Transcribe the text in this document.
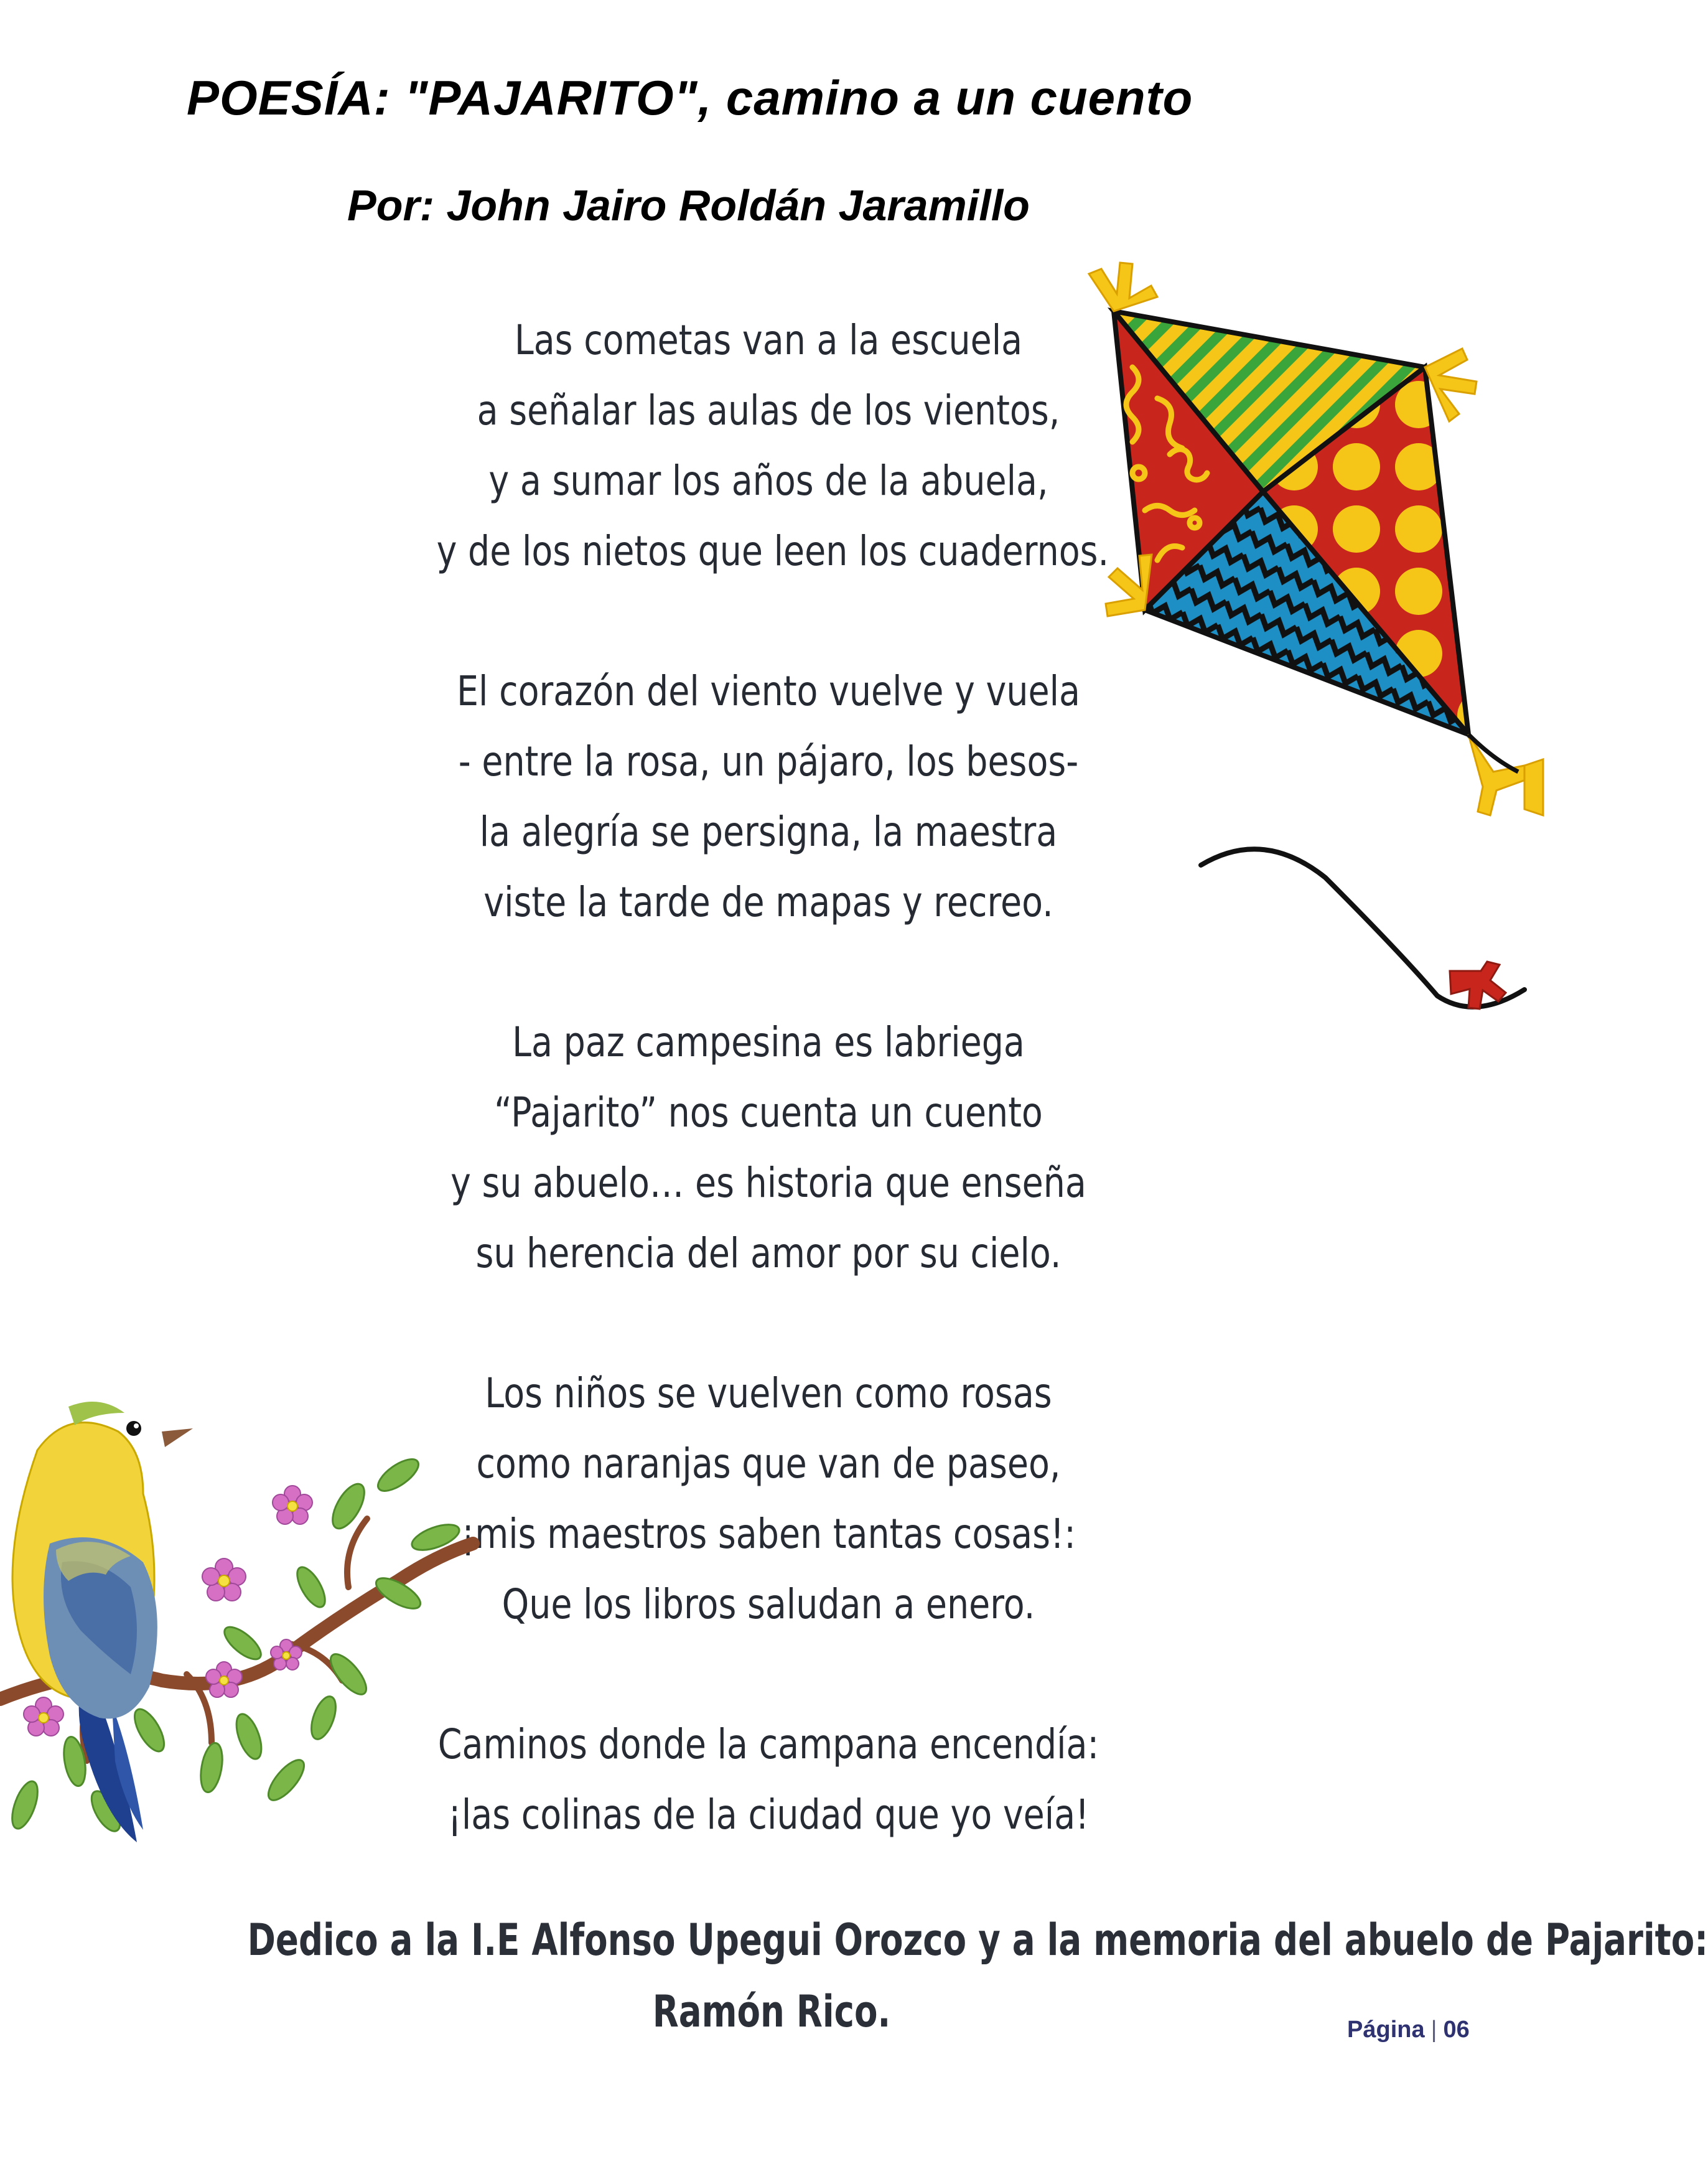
POESÍA: "PAJARITO", camino a un cuento
Por: John Jairo Roldán Jaramillo
Las cometas van a la escuela
a señalar las aulas de los vientos,
y a sumar los años de la abuela,
y de los nietos que leen los cuadernos.
El corazón del viento vuelve y vuela
- entre la rosa, un pájaro, los besos-
la alegría se persigna, la maestra
viste la tarde de mapas y recreo.
La paz campesina es labriega
“Pajarito” nos cuenta un cuento
y su abuelo… es historia que enseña
su herencia del amor por su cielo.
Los niños se vuelven como rosas
como naranjas que van de paseo,
¡mis maestros saben tantas cosas!:
Que los libros saludan a enero.
Caminos donde la campana encendía:
¡las colinas de la ciudad que yo veía!
Dedico a la I.E Alfonso Upegui Orozco y a la memoria del abuelo de Pajarito:
Ramón Rico.	Página | 06
